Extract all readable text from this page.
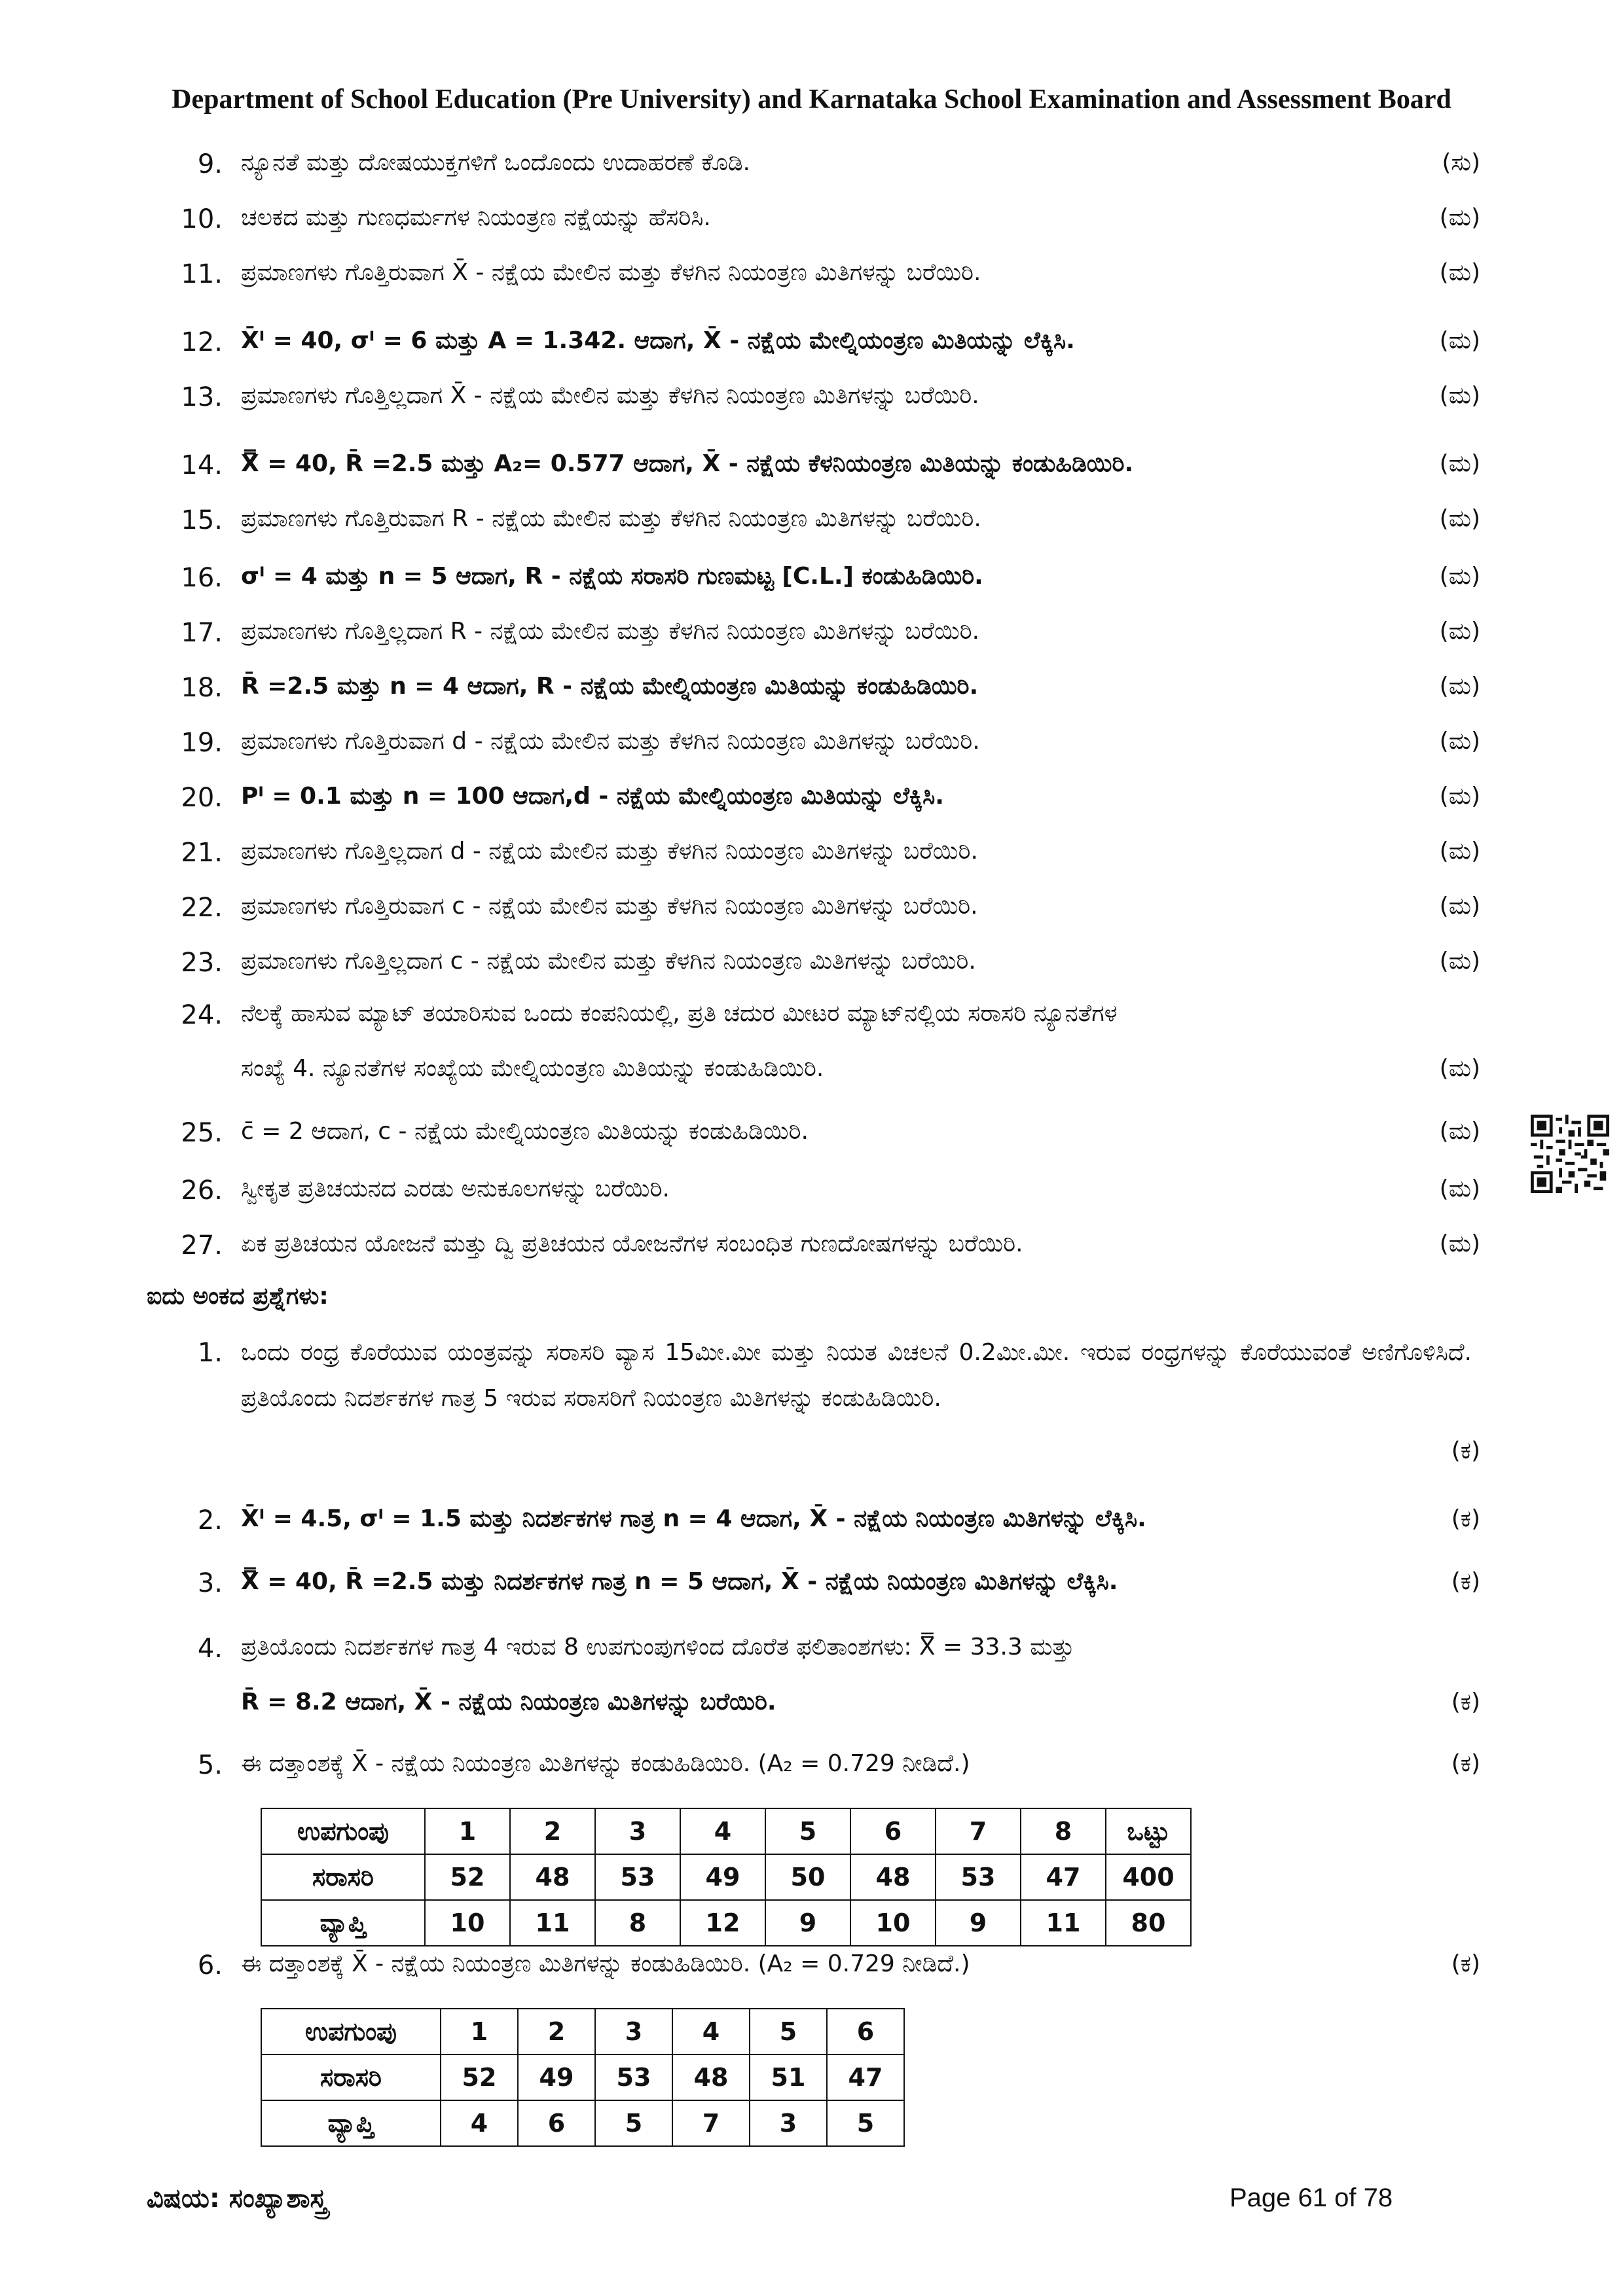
Department of School Education (Pre University) and Karnataka School Examination and Assessment Board
9. ನ್ಯೂನತೆ ಮತ್ತು ದೋಷಯುಕ್ತಗಳಿಗೆ ಒಂದೊಂದು ಉದಾಹರಣೆ ಕೊಡಿ.	(ಸು)
10. ಚಲಕದ ಮತ್ತು ಗುಣಧರ್ಮಗಳ ನಿಯಂತ್ರಣ ನಕ್ಷೆಯನ್ನು ಹೆಸರಿಸಿ.	(ಮ)
11. ಪ್ರಮಾಣಗಳು ಗೊತ್ತಿರುವಾಗ X̄ - ನಕ್ಷೆಯ ಮೇಲಿನ ಮತ್ತು ಕೆಳಗಿನ ನಿಯಂತ್ರಣ ಮಿತಿಗಳನ್ನು ಬರೆಯಿರಿ.	(ಮ)
12. X̄ᴵ = 40, σᴵ = 6 ಮತ್ತು A = 1.342. ಆದಾಗ, X̄ - ನಕ್ಷೆಯ ಮೇಲ್ನಿಯಂತ್ರಣ ಮಿತಿಯನ್ನು ಲೆಕ್ಕಿಸಿ.	(ಮ)
13. ಪ್ರಮಾಣಗಳು ಗೊತ್ತಿಲ್ಲದಾಗ X̄ - ನಕ್ಷೆಯ ಮೇಲಿನ ಮತ್ತು ಕೆಳಗಿನ ನಿಯಂತ್ರಣ ಮಿತಿಗಳನ್ನು ಬರೆಯಿರಿ.	(ಮ)
14. X̿ = 40, R̄ =2.5 ಮತ್ತು A₂= 0.577 ಆದಾಗ, X̄ - ನಕ್ಷೆಯ ಕೆಳನಿಯಂತ್ರಣ ಮಿತಿಯನ್ನು ಕಂಡುಹಿಡಿಯಿರಿ.	(ಮ)
15. ಪ್ರಮಾಣಗಳು ಗೊತ್ತಿರುವಾಗ R - ನಕ್ಷೆಯ ಮೇಲಿನ ಮತ್ತು ಕೆಳಗಿನ ನಿಯಂತ್ರಣ ಮಿತಿಗಳನ್ನು ಬರೆಯಿರಿ.	(ಮ)
16. σᴵ = 4 ಮತ್ತು n = 5 ಆದಾಗ, R - ನಕ್ಷೆಯ ಸರಾಸರಿ ಗುಣಮಟ್ಟ [C.L.] ಕಂಡುಹಿಡಿಯಿರಿ.	(ಮ)
17. ಪ್ರಮಾಣಗಳು ಗೊತ್ತಿಲ್ಲದಾಗ R - ನಕ್ಷೆಯ ಮೇಲಿನ ಮತ್ತು ಕೆಳಗಿನ ನಿಯಂತ್ರಣ ಮಿತಿಗಳನ್ನು ಬರೆಯಿರಿ.	(ಮ)
18. R̄ =2.5 ಮತ್ತು n = 4 ಆದಾಗ, R - ನಕ್ಷೆಯ ಮೇಲ್ನಿಯಂತ್ರಣ ಮಿತಿಯನ್ನು ಕಂಡುಹಿಡಿಯಿರಿ.	(ಮ)
19. ಪ್ರಮಾಣಗಳು ಗೊತ್ತಿರುವಾಗ d - ನಕ್ಷೆಯ ಮೇಲಿನ ಮತ್ತು ಕೆಳಗಿನ ನಿಯಂತ್ರಣ ಮಿತಿಗಳನ್ನು ಬರೆಯಿರಿ.	(ಮ)
20. Pᴵ = 0.1 ಮತ್ತು n = 100 ಆದಾಗ,d - ನಕ್ಷೆಯ ಮೇಲ್ನಿಯಂತ್ರಣ ಮಿತಿಯನ್ನು ಲೆಕ್ಕಿಸಿ.	(ಮ)
21. ಪ್ರಮಾಣಗಳು ಗೊತ್ತಿಲ್ಲದಾಗ d - ನಕ್ಷೆಯ ಮೇಲಿನ ಮತ್ತು ಕೆಳಗಿನ ನಿಯಂತ್ರಣ ಮಿತಿಗಳನ್ನು ಬರೆಯಿರಿ.	(ಮ)
22. ಪ್ರಮಾಣಗಳು ಗೊತ್ತಿರುವಾಗ c - ನಕ್ಷೆಯ ಮೇಲಿನ ಮತ್ತು ಕೆಳಗಿನ ನಿಯಂತ್ರಣ ಮಿತಿಗಳನ್ನು ಬರೆಯಿರಿ.	(ಮ)
23. ಪ್ರಮಾಣಗಳು ಗೊತ್ತಿಲ್ಲದಾಗ c - ನಕ್ಷೆಯ ಮೇಲಿನ ಮತ್ತು ಕೆಳಗಿನ ನಿಯಂತ್ರಣ ಮಿತಿಗಳನ್ನು ಬರೆಯಿರಿ.	(ಮ)
24. ನೆಲಕ್ಕೆ ಹಾಸುವ ಮ್ಯಾಟ್ ತಯಾರಿಸುವ ಒಂದು ಕಂಪನಿಯಲ್ಲಿ, ಪ್ರತಿ ಚದುರ ಮೀಟರ ಮ್ಯಾಟ್‌ನಲ್ಲಿಯ ಸರಾಸರಿ ನ್ಯೂನತೆಗಳ
ಸಂಖ್ಯೆ 4. ನ್ಯೂನತೆಗಳ ಸಂಖ್ಯೆಯ ಮೇಲ್ನಿಯಂತ್ರಣ ಮಿತಿಯನ್ನು ಕಂಡುಹಿಡಿಯಿರಿ.	(ಮ)
25. c̄ = 2 ಆದಾಗ, c - ನಕ್ಷೆಯ ಮೇಲ್ನಿಯಂತ್ರಣ ಮಿತಿಯನ್ನು ಕಂಡುಹಿಡಿಯಿರಿ.	(ಮ)
26. ಸ್ವೀಕೃತ ಪ್ರತಿಚಯನದ ಎರಡು ಅನುಕೂಲಗಳನ್ನು ಬರೆಯಿರಿ.	(ಮ)
27. ಏಕ ಪ್ರತಿಚಯನ ಯೋಜನೆ ಮತ್ತು ದ್ವಿ ಪ್ರತಿಚಯನ ಯೋಜನೆಗಳ ಸಂಬಂಧಿತ ಗುಣದೋಷಗಳನ್ನು ಬರೆಯಿರಿ.	(ಮ)
ಐದು ಅಂಕದ ಪ್ರಶ್ನೆಗಳು:
1. ಒಂದು ರಂಧ್ರ ಕೊರೆಯುವ ಯಂತ್ರವನ್ನು ಸರಾಸರಿ ವ್ಯಾಸ 15ಮೀ.ಮೀ ಮತ್ತು ನಿಯತ ವಿಚಲನೆ 0.2ಮೀ.ಮೀ. ಇರುವ ರಂಧ್ರಗಳನ್ನು ಕೊರೆಯುವಂತೆ ಅಣಿಗೊಳಿಸಿದೆ. ಪ್ರತಿಯೊಂದು ನಿದರ್ಶಕಗಳ ಗಾತ್ರ 5 ಇರುವ ಸರಾಸರಿಗೆ ನಿಯಂತ್ರಣ ಮಿತಿಗಳನ್ನು ಕಂಡುಹಿಡಿಯಿರಿ.
(ಕ)
2. X̄ᴵ = 4.5, σᴵ = 1.5 ಮತ್ತು ನಿದರ್ಶಕಗಳ ಗಾತ್ರ n = 4 ಆದಾಗ, X̄ - ನಕ್ಷೆಯ ನಿಯಂತ್ರಣ ಮಿತಿಗಳನ್ನು ಲೆಕ್ಕಿಸಿ.	(ಕ)
3. X̿ = 40, R̄ =2.5 ಮತ್ತು ನಿದರ್ಶಕಗಳ ಗಾತ್ರ n = 5 ಆದಾಗ, X̄ - ನಕ್ಷೆಯ ನಿಯಂತ್ರಣ ಮಿತಿಗಳನ್ನು ಲೆಕ್ಕಿಸಿ.	(ಕ)
4. ಪ್ರತಿಯೊಂದು ನಿದರ್ಶಕಗಳ ಗಾತ್ರ 4 ಇರುವ 8 ಉಪಗುಂಪುಗಳಿಂದ ದೊರೆತ ಫಲಿತಾಂಶಗಳು: X̿ = 33.3 ಮತ್ತು
R̄ = 8.2 ಆದಾಗ, X̄ - ನಕ್ಷೆಯ ನಿಯಂತ್ರಣ ಮಿತಿಗಳನ್ನು ಬರೆಯಿರಿ.	(ಕ)
5. ಈ ದತ್ತಾಂಶಕ್ಕೆ X̄ - ನಕ್ಷೆಯ ನಿಯಂತ್ರಣ ಮಿತಿಗಳನ್ನು ಕಂಡುಹಿಡಿಯಿರಿ. (A₂ = 0.729 ನೀಡಿದೆ.)	(ಕ)
ಉಪಗುಂಪು	1	2	3	4	5	6	7	8	ಒಟ್ಟು
ಸರಾಸರಿ	52	48	53	49	50	48	53	47	400
ವ್ಯಾಪ್ತಿ	10	11	8	12	9	10	9	11	80
6. ಈ ದತ್ತಾಂಶಕ್ಕೆ X̄ - ನಕ್ಷೆಯ ನಿಯಂತ್ರಣ ಮಿತಿಗಳನ್ನು ಕಂಡುಹಿಡಿಯಿರಿ. (A₂ = 0.729 ನೀಡಿದೆ.)	(ಕ)
ಉಪಗುಂಪು	1	2	3	4	5	6
ಸರಾಸರಿ	52	49	53	48	51	47
ವ್ಯಾಪ್ತಿ	4	6	5	7	3	5
ವಿಷಯ: ಸಂಖ್ಯಾಶಾಸ್ತ್ರ	Page 61 of 78
